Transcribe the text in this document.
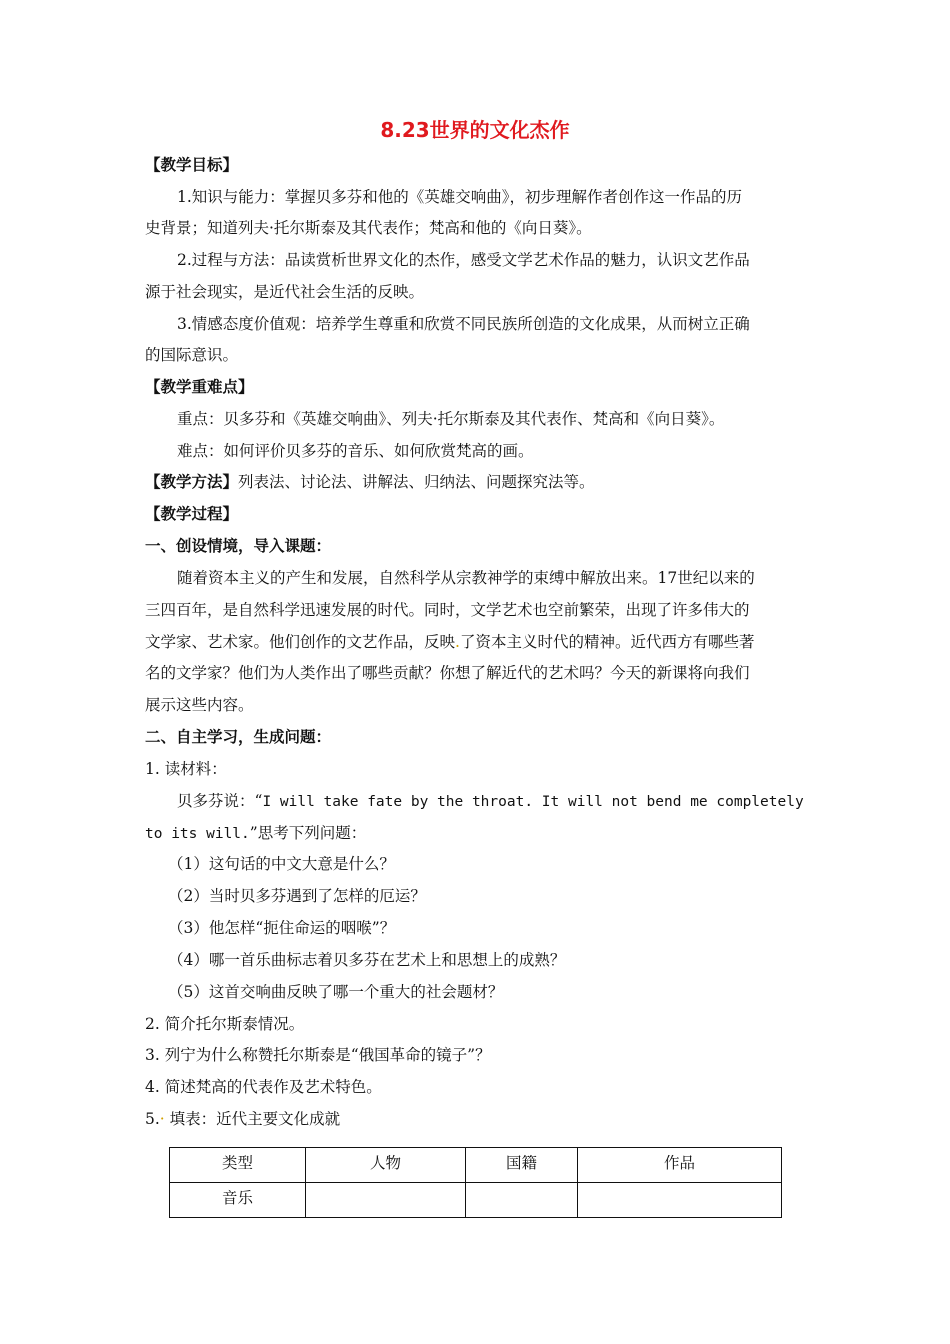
8.23世界的文化杰作
【教学目标】
1.知识与能力：掌握贝多芬和他的《英雄交响曲》，初步理解作者创作这一作品的历
史背景；知道列夫·托尔斯泰及其代表作；梵高和他的《向日葵》。
2.过程与方法：品读赏析世界文化的杰作，感受文学艺术作品的魅力，认识文艺作品
源于社会现实，是近代社会生活的反映。
3.情感态度价值观：培养学生尊重和欣赏不同民族所创造的文化成果，从而树立正确
的国际意识。
【教学重难点】
重点：贝多芬和《英雄交响曲》、列夫·托尔斯泰及其代表作、梵高和《向日葵》。
难点：如何评价贝多芬的音乐、如何欣赏梵高的画。
【教学方法】列表法、讨论法、讲解法、归纳法、问题探究法等。
【教学过程】
一、创设情境，导入课题：
随着资本主义的产生和发展，自然科学从宗教神学的束缚中解放出来。17世纪以来的
三四百年，是自然科学迅速发展的时代。同时，文学艺术也空前繁荣，出现了许多伟大的
文学家、艺术家。他们创作的文艺作品，反映.了资本主义时代的精神。近代西方有哪些著
名的文学家？他们为人类作出了哪些贡献？你想了解近代的艺术吗？今天的新课将向我们
展示这些内容。
二、自主学习，生成问题：
1. 读材料：
贝多芬说：“I will take fate by the throat. It will not bend me completely
to its will.”思考下列问题：
（1）这句话的中文大意是什么？
（2）当时贝多芬遇到了怎样的厄运？
（3）他怎样“扼住命运的咽喉”？
（4）哪一首乐曲标志着贝多芬在艺术上和思想上的成熟？
（5）这首交响曲反映了哪一个重大的社会题材？
2. 简介托尔斯泰情况。
3. 列宁为什么称赞托尔斯泰是“俄国革命的镜子”？
4. 简述梵高的代表作及艺术特色。
5.· 填表：近代主要文化成就
类型	人物	国籍	作品
音乐			
